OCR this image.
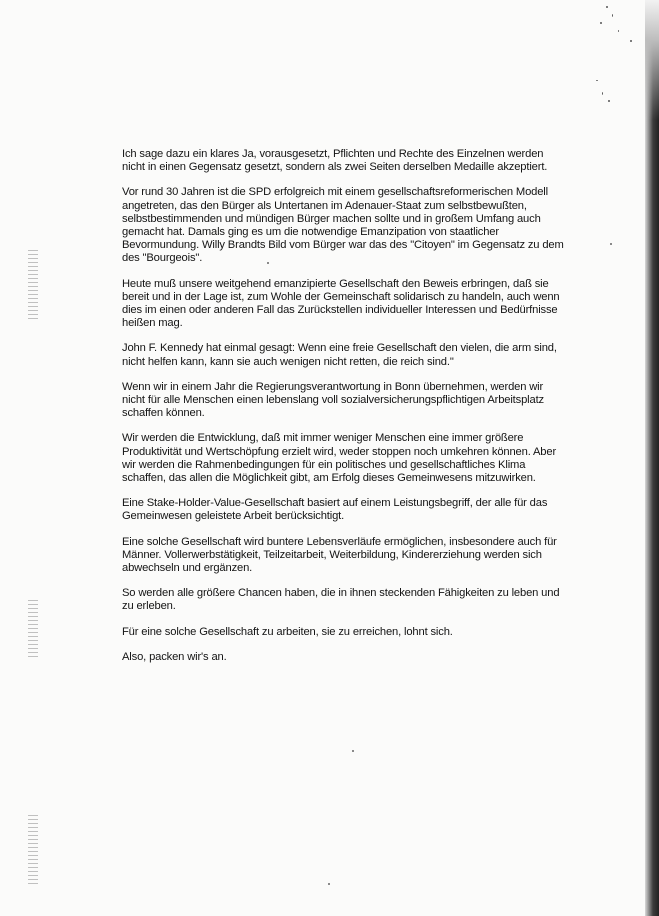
Ich sage dazu ein klares Ja, vorausgesetzt, Pflichten und Rechte des Einzelnen werden
nicht in einen Gegensatz gesetzt, sondern als zwei Seiten derselben Medaille akzeptiert.

Vor rund 30 Jahren ist die SPD erfolgreich mit einem gesellschaftsreformerischen Modell
angetreten, das den Bürger als Untertanen im Adenauer-Staat zum selbstbewußten,
selbstbestimmenden und mündigen Bürger machen sollte und in großem Umfang auch
gemacht hat. Damals ging es um die notwendige Emanzipation von staatlicher
Bevormundung. Willy Brandts Bild vom Bürger war das des "Citoyen" im Gegensatz zu dem
des "Bourgeois".

Heute muß unsere weitgehend emanzipierte Gesellschaft den Beweis erbringen, daß sie
bereit und in der Lage ist, zum Wohle der Gemeinschaft solidarisch zu handeln, auch wenn
dies im einen oder anderen Fall das Zurückstellen individueller Interessen und Bedürfnisse
heißen mag.

John F. Kennedy hat einmal gesagt: Wenn eine freie Gesellschaft den vielen, die arm sind,
nicht helfen kann, kann sie auch wenigen nicht retten, die reich sind."

Wenn wir in einem Jahr die Regierungsverantwortung in Bonn übernehmen, werden wir
nicht für alle Menschen einen lebenslang voll sozialversicherungspflichtigen Arbeitsplatz
schaffen können.

Wir werden die Entwicklung, daß mit immer weniger Menschen eine immer größere
Produktivität und Wertschöpfung erzielt wird, weder stoppen noch umkehren können. Aber
wir werden die Rahmenbedingungen für ein politisches und gesellschaftliches Klima
schaffen, das allen die Möglichkeit gibt, am Erfolg dieses Gemeinwesens mitzuwirken.

Eine Stake-Holder-Value-Gesellschaft basiert auf einem Leistungsbegriff, der alle für das
Gemeinwesen geleistete Arbeit berücksichtigt.

Eine solche Gesellschaft wird buntere Lebensverläufe ermöglichen, insbesondere auch für
Männer. Vollerwerbstätigkeit, Teilzeitarbeit, Weiterbildung, Kindererziehung werden sich
abwechseln und ergänzen.

So werden alle größere Chancen haben, die in ihnen steckenden Fähigkeiten zu leben und
zu erleben.

Für eine solche Gesellschaft zu arbeiten, sie zu erreichen, lohnt sich.

Also, packen wir's an.
